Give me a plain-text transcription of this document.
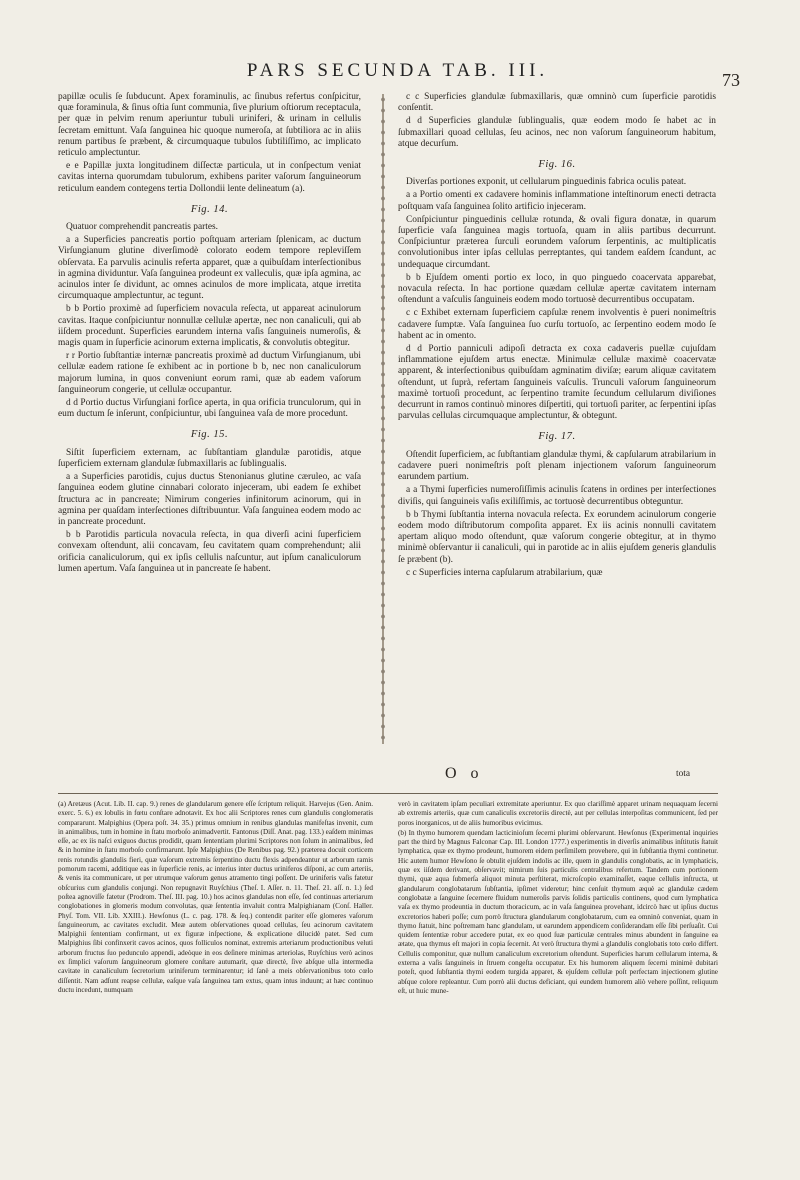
PARS SECUNDA TAB. III.	73

papillæ oculis ſe ſubducunt. Apex foraminulis, ac ſinubus refertus conſpicitur, quæ foraminula, & ſinus oſtia ſunt communia, ſive plurium oſtiorum receptacula, per quæ in pelvim renum aperiuntur tubuli uriniferi, & urinam in cellulis ſecretam emittunt. Vaſa ſanguinea hic quoque numeroſa, at ſubtiliora ac in aliis renum partibus ſe præbent, & circumquaque tubulos ſubtiliſſimo, ac implicato reticulo amplectuntur.

e e Papillæ juxta longitudinem diſſectæ particula, ut in conſpectum veniat cavitas interna quorumdam tubulorum, exhibens pariter vaſorum ſanguineorum reticulum eandem contegens tertia Dollondii lente delineatum (a).

Fig. 14.

Quatuor comprehendit pancreatis partes.

a a Superficies pancreatis portio poſtquam arteriam ſplenicam, ac ductum Virſungianum glutine diverſimodè colorato eodem tempore repleviſſem obſervata. Ea parvulis acinulis referta apparet, quæ a quibuſdam interſectionibus in agmina dividuntur. Vaſa ſanguinea prodeunt ex valleculis, quæ ipſa agmina, ac acinulos inter ſe dividunt, ac omnes acinulos de more implicata, atque irretita circumquaque amplectuntur, ac tegunt.

b b Portio proximè ad ſuperficiem novacula reſecta, ut appareat acinulorum cavitas. Itaque conſpiciuntur nonnullæ cellulæ apertæ, nec non canaliculi, qui ab iiſdem procedunt. Superficies earundem interna vaſis ſanguineis numeroſis, & magis quam in ſuperficie acinorum externa implicatis, & convolutis obtegitur.

r r Portio ſubſtantiæ internæ pancreatis proximè ad ductum Virſungianum, ubi cellulæ eadem ratione ſe exhibent ac in portione b b, nec non canaliculorum majorum lumina, in quos conveniunt eorum rami, quæ ab eadem vaſorum ſanguineorum congerie, ut cellulæ occupantur.

d d Portio ductus Virſungiani forſice aperta, in qua orificia trunculorum, qui in eum ductum ſe inſerunt, conſpiciuntur, ubi ſanguinea vaſa de more procedunt.

Fig. 15.

Siſtit ſuperficiem externam, ac ſubſtantiam glandulæ parotidis, atque ſuperficiem externam glandulæ ſubmaxillaris ac ſublingualis.

a a Superficies parotidis, cujus ductus Stenonianus glutine cæruleo, ac vaſa ſanguinea eodem glutine cinnabari colorato injeceram, ubi eadem ſe exhibet ſtructura ac in pancreate; Nimirum congeries infinitorum acinorum, qui in agmina per quaſdam interſectiones diſtribuuntur. Vaſa ſanguinea eodem modo ac in pancreate procedunt.

b b Parotidis particula novacula reſecta, in qua diverſi acini ſuperficiem convexam oſtendunt, alii concavam, ſeu cavitatem quam comprehendunt; alii orificia canaliculorum, qui ex ipſis cellulis naſcuntur, aut ipſum canaliculorum lumen apertum. Vaſa ſanguinea ut in pancreate ſe habent.

c c Superficies glandulæ ſubmaxillaris, quæ omninò cum ſuperficie parotidis conſentit.

d d Superficies glandulæ ſublingualis, quæ eodem modo ſe habet ac in ſubmaxillari quoad cellulas, ſeu acinos, nec non vaſorum ſanguineorum habitum, atque decurſum.

Fig. 16.

Diverſas portiones exponit, ut cellularum pinguedinis fabrica oculis pateat.

a a Portio omenti ex cadavere hominis inflammatione inteſtinorum enecti detracta poſtquam vaſa ſanguinea ſolito artificio injeceram.

Conſpiciuntur pinguedinis cellulæ rotunda, & ovali figura donatæ, in quarum ſuperficie vaſa ſanguinea magis tortuoſa, quam in aliis partibus decurrunt. Conſpiciuntur præterea ſurculi eorundem vaſorum ſerpentinis, ac multiplicatis convolutionibus inter ipſas cellulas perreptantes, qui tandem eaſdem ſcandunt, ac undequaque circumdant.

b b Ejuſdem omenti portio ex loco, in quo pinguedo coacervata apparebat, novacula reſecta. In hac portione quædam cellulæ apertæ cavitatem internam oſtendunt a vaſculis ſanguineis eodem modo tortuosè decurrentibus occupatam.

c c Exhibet externam ſuperficiem capſulæ renem involventis è pueri nonimeſtris cadavere ſumptæ. Vaſa ſanguinea ſuo curſu tortuoſo, ac ſerpentino eodem modo ſe habent ac in omento.

d d Portio panniculi adipoſi detracta ex coxa cadaveris puellæ cujuſdam inflammatione ejuſdem artus enectæ. Minimulæ cellulæ maximè coacervatæ apparent, & interſectionibus quibuſdam agminatim diviſæ; earum aliquæ cavitatem oſtendunt, ut ſuprà, refertam ſanguineis vaſculis. Trunculi vaſorum ſanguineorum maximè tortuoſi procedunt, ac ſerpentino tramite ſecundum cellularum diviſiones decurrunt in ramos continuò minores diſpertiti, qui tortuoſi pariter, ac ſerpentini ipſas parvulas cellulas circumquaque amplectuntur, & obtegunt.

Fig. 17.

Oſtendit ſuperficiem, ac ſubſtantiam glandulæ thymi, & capſularum atrabilarium in cadavere pueri nonimeſtris poſt plenam injectionem vaſorum ſanguineorum earundem partium.

a a Thymi ſuperficies numeroſiſſimis acinulis ſcatens in ordines per interſectiones diviſis, qui ſanguineis vaſis exiliſſimis, ac tortuosè decurrentibus obteguntur.

b b Thymi ſubſtantia interna novacula reſecta. Ex eorundem acinulorum congerie eodem modo diſtributorum compoſita apparet. Ex iis acinis nonnulli cavitatem apertam aliquo modo oſtendunt, quæ vaſorum congerie obtegitur, at in thymo minimè obſervantur ii canaliculi, qui in parotide ac in aliis ejuſdem generis glandulis ſe præbent (b).

c c Superficies interna capſularum atrabilarium, quæ

O o	tota

(a) Aretæus (Acut. Lib. II. cap. 9.) renes de glandularum genere eſſe ſcriptum reliquit. Harvejus (Gen. Anim. exerc. 5. 6.) ex lobulis in fœtu conſtare adnotavit. Ex hoc alii Scriptores renes cum glandulis conglomeratis compararunt. Malpighius (Opera poſt. 34. 35.) primus omnium in renibus glandulas manifeſtas invenit, cum in animalibus, tum in homine in ſtatu morboſo animadvertit. Fantonus (Diſſ. Anat. pag. 133.) eaſdem minimas eſſe, ac ex iis naſci exiguos ductus prodidit, quam ſententiam plurimi Scriptores non ſolum in animalibus, ſed & in homine in ſtatu morboſo confirmarunt. Ipſe Malpighius (De Renibus pag. 92.) præterea docuit corticem renis rotundis glandulis fieri, quæ vaſorum extremis ſerpentino ductu flexis adpendeantur ut arborum ramis pomorum racemi, additique eas in ſuperficie renis, ac interius inter ductus uriniferos diſponi, ac cum arteriis, & venis ita communicare, ut per utrumque vaſorum genus atramento tingi poſſent. De uriniferis vaſis fatetur obſcurius cum glandulis conjungi. Non repugnavit Ruyſchius (Theſ. I. Aſſer. n. 11. Theſ. 21. aſſ. n. 1.) ſed poſtea agnoviſſe fatetur (Prodrom. Theſ. III. pag. 10.) hos acinos glandulas non eſſe, ſed continuas arteriarum conglobationes in glomeris modum convolutas, quæ ſententia invaluit contra Malpighianam (Conſ. Haller. Phyſ. Tom. VII. Lib. XXIII.). Hewſonus (L. c. pag. 178. & ſeq.) contendit pariter eſſe glomeres vaſorum ſanguineorum, ac cavitates excludit. Meæ autem obſervationes quoad cellulas, ſeu acinorum cavitatem Malpighii ſententiam confirmant, ut ex figuræ inſpectione, & explicatione dilucidè patet. Sed cum Malpighius ſibi confinxerit cavos acinos, quos folliculos nominat, extremis arteriarum productionibus veluti arborum fructus ſuo pedunculo appendi, adeòque in eos deſinere minimas arteriolas, Ruyſchius verò acinos ex ſimplici vaſorum ſanguineorum glomere conſtare autumarit, quæ directè, ſive abſque ulla intermedia cavitate in canaliculum ſecretorium uriniferum terminarentur; id ſanè a meis obſervationibus toto cœlo diſſentit. Nam adſunt reapse cellulæ, eaſque vaſa ſanguinea tam extus, quam intus induunt; at hæc continuo ductu incedunt, numquam

verò in cavitatem ipſam peculiari extremitate aperiuntur. Ex quo clariſſimè apparet urinam nequaquam ſecerni ab extremis arteriis, quæ cum canaliculis excretoriis directè, aut per cellulas interpoſitas communicent, ſed per poros inorganicos, ut de aliis humoribus evicimus.

(b) In thymo humorem quendam lacticinioſum ſecerni plurimi obſervarunt. Hewſonus (Experimental inquiries part the third by Magnus Falconar Cap. III. London 1777.) experimentis in diverſis animalibus inſtitutis ſtatuit lymphatica, quæ ex thymo prodeunt, humorem eidem perſimilem provehere, qui in ſubſtantia thymi continetur. Hic autem humor Hewſono ſe obtulit ejuſdem indolis ac ille, quem in glandulis conglobatis, ac in lymphaticis, quæ ex iiſdem derivant, obſervavit; nimirum ſuis particulis centralibus refertum. Tandem cum portionem thymi, quæ aqua ſubmerſa aliquot minuta perſtiterat, microſcopio examinaſſet, eaque cellulis inſtructa, ut glandularum conglobatarum ſubſtantia, ipſimet videretur; hinc cenſuit thymum æquè ac glandulæ cædem conglobatæ a ſanguine ſecernere fluidum numeroſis parvis ſolidis particulis continens, quod cum lymphatica vaſa ex thymo prodeuntia in ductum thoracicum, ac in vaſa ſanguinea provehant, idcircò hæc ut ipſius ductus excretorios haberi poſſe; cum porrò ſtructura glandularum conglobatarum, cum ea omninò conveniat, quam in thymo ſtatuit, hinc poſtremam hanc glandulam, ut earundem appendicem conſiderandam eſſe ſibi perſuaſit. Cui quidem ſententiæ robur accedere putat, ex eo quod ſuæ particulæ centrales minus abundent in ſanguine ea ætate, qua thymus eſt majori in copia ſecernit. At verò ſtructura thymi a glandulis conglobatis toto cœlo differt. Cellulis componitur, quæ nullum canaliculum excretorium oſtendunt. Superficies harum cellularum interna, & externa a vaſis ſanguineis in ſtruem congeſta occupatur. Ex his humorem aliquem ſecerni minimè dubitari poteſt, quod ſubſtantia thymi eodem turgida apparet, & ejuſdem cellulæ poſt perfectam injectionem glutine abſque colore repleantur. Cum porrò alii ductus deficiant, qui eundem humorem aliò vehere poſſint, reliquum eſt, ut huic mune-
